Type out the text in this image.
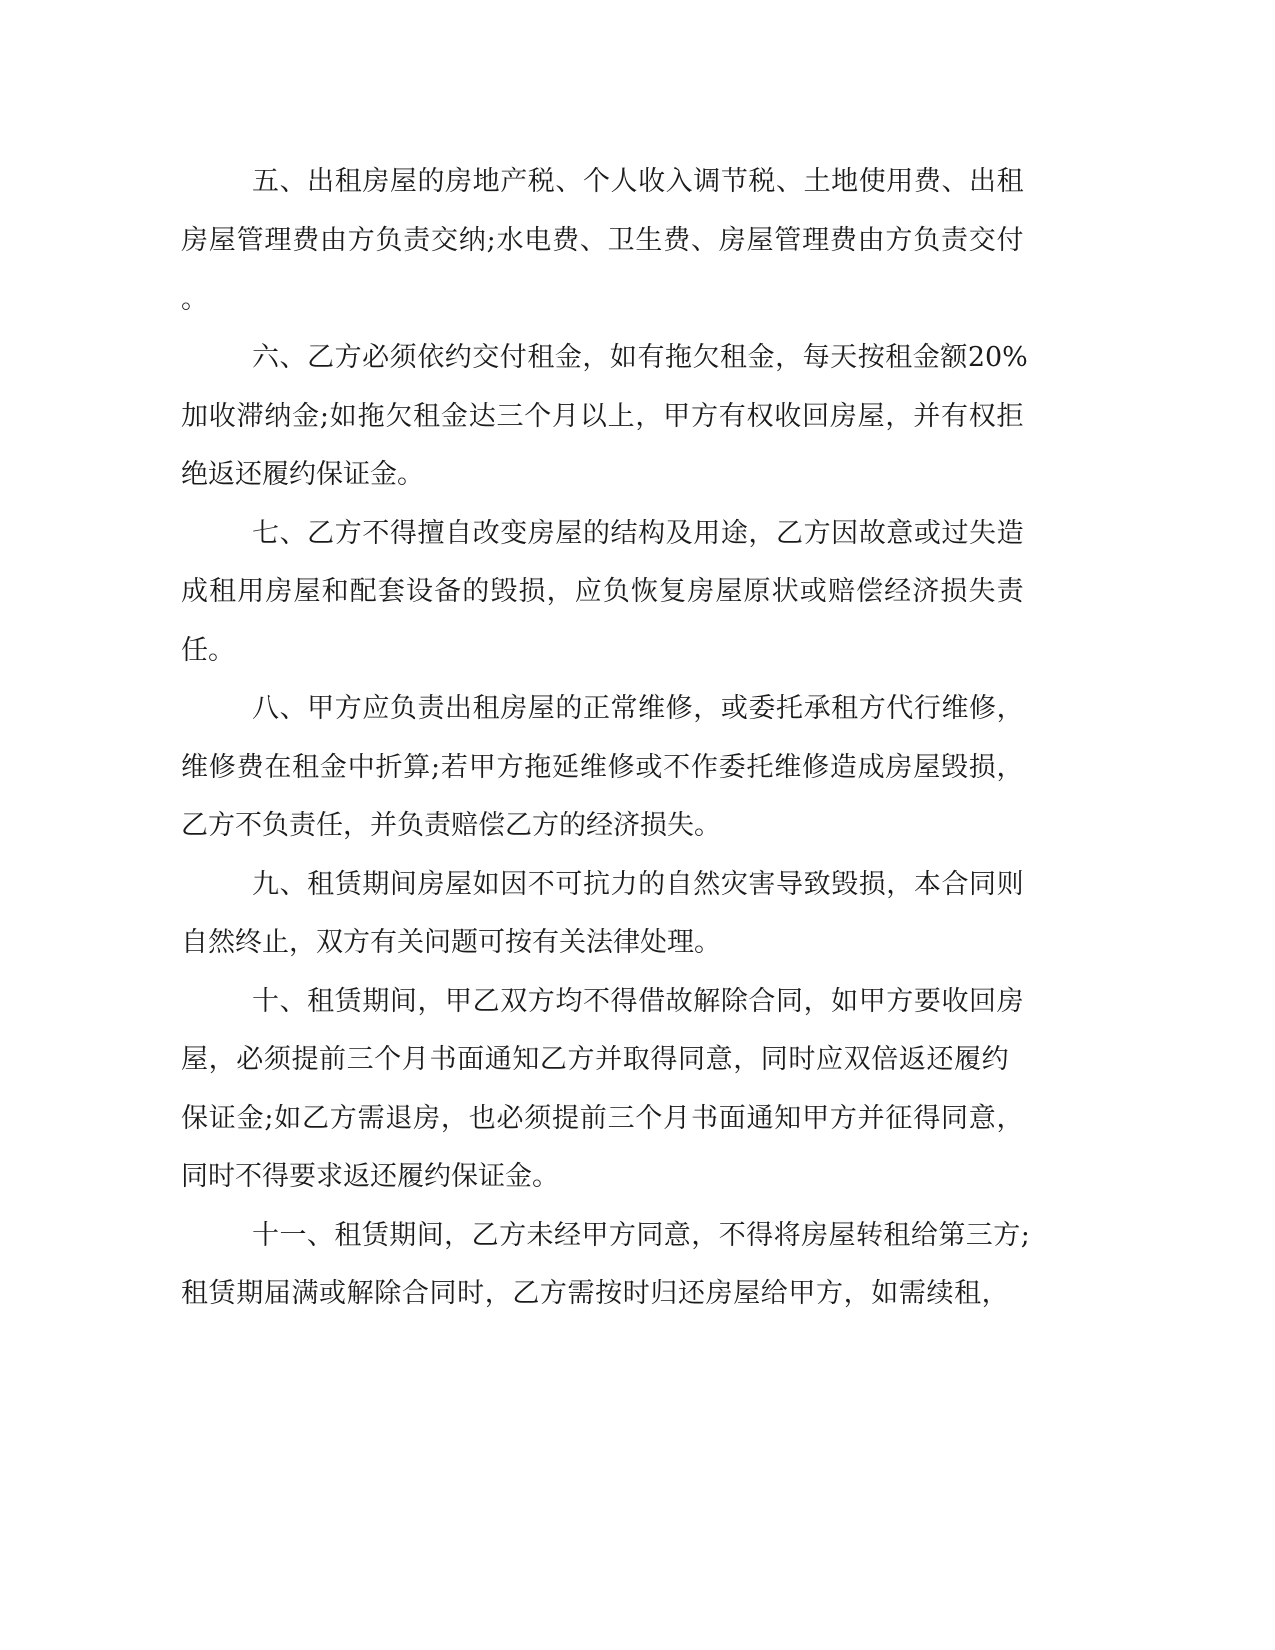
五 、 出 租 房 屋 的 房 地 产 税 、 个 人 收 入 调 节 税 、 土 地 使 用 费 、 出 租
房 屋 管 理 费 由 方 负 责 交 纳 ; 水 电 费 、 卫 生 费 、 房 屋 管 理 费 由 方 负 责 交 付
。
六 、 乙 方 必 须 依 约 交 付 租 金 ， 如 有 拖 欠 租 金 ， 每 天 按 租 金 额 20%
加 收 滞 纳 金 ; 如 拖 欠 租 金 达 三 个 月 以 上 ， 甲 方 有 权 收 回 房 屋 ， 并 有 权 拒
绝返还履约保证金。
七 、 乙 方 不 得 擅 自 改 变 房 屋 的 结 构 及 用 途 ， 乙 方 因 故 意 或 过 失 造
成 租 用 房 屋 和 配 套 设 备 的 毁 损 ， 应 负 恢 复 房 屋 原 状 或 赔 偿 经 济 损 失 责
任。
八 、 甲 方 应 负 责 出 租 房 屋 的 正 常 维 修 ， 或 委 托 承 租 方 代 行 维 修 ，
维 修 费 在 租 金 中 折 算 ; 若 甲 方 拖 延 维 修 或 不 作 委 托 维 修 造 成 房 屋 毁 损 ，
乙方不负责任，并负责赔偿乙方的经济损失。
九 、 租 赁 期 间 房 屋 如 因 不 可 抗 力 的 自 然 灾 害 导 致 毁 损 ， 本 合 同 则
自然终止，双方有关问题可按有关法律处理。
十 、 租 赁 期 间 ， 甲 乙 双 方 均 不 得 借 故 解 除 合 同 ， 如 甲 方 要 收 回 房
屋 ， 必 须 提 前 三 个 月 书 面 通 知 乙 方 并 取 得 同 意 ， 同 时 应 双 倍 返 还 履 约
保 证 金 ; 如 乙 方 需 退 房 ， 也 必 须 提 前 三 个 月 书 面 通 知 甲 方 并 征 得 同 意 ，
同时不得要求返还履约保证金。
十 一 、 租 赁 期 间 ， 乙 方 未 经 甲 方 同 意 ， 不 得 将 房 屋 转 租 给 第 三 方 ;
租 赁 期 届 满 或 解 除 合 同 时 ， 乙 方 需 按 时 归 还 房 屋 给 甲 方 ， 如 需 续 租 ，
